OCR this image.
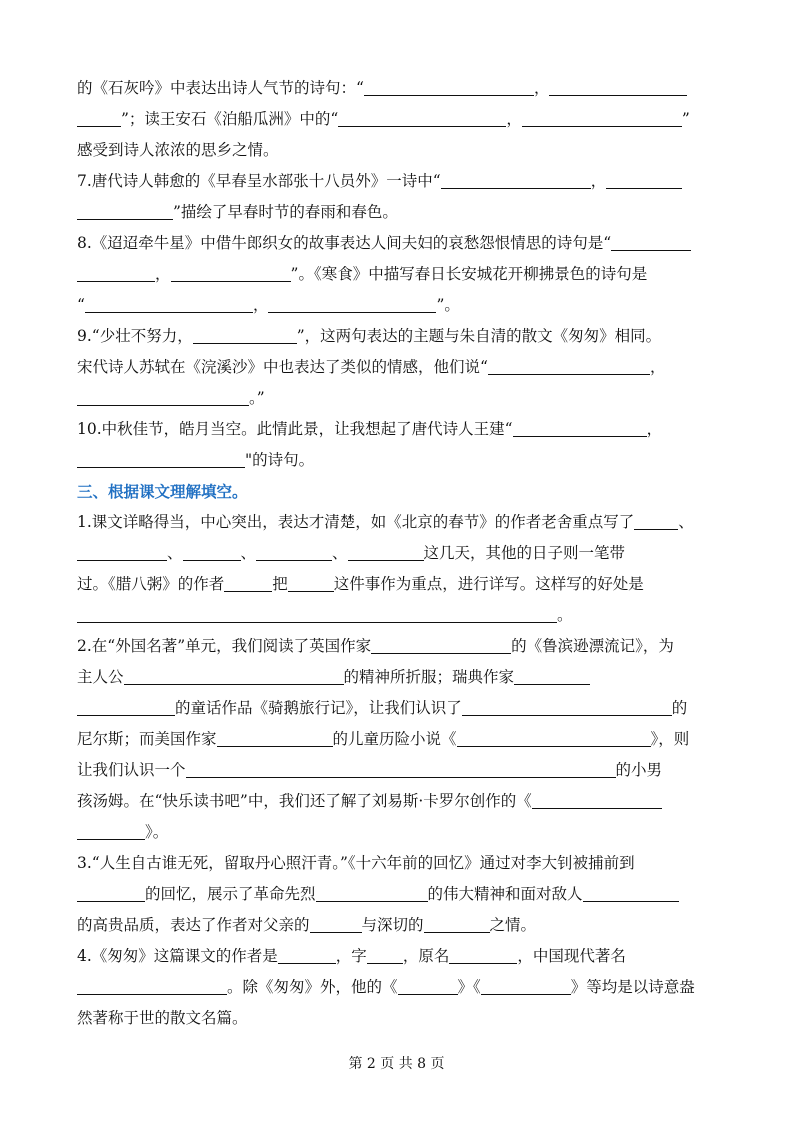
的《石灰吟》中表达出诗人气节的诗句：“	，

”；读王安石《泊船瓜洲》中的“	，	”

感受到诗人浓浓的思乡之情。

7.唐代诗人韩愈的《早春呈水部张十八员外》一诗中“	，

”描绘了早春时节的春雨和春色。

8.《迢迢牵牛星》中借牛郎织女的故事表达人间夫妇的哀愁怨恨情思的诗句是“

，	”。《寒食》中描写春日长安城花开柳拂景色的诗句是

“	，	”。

9.“少壮不努力，	”，这两句表达的主题与朱自清的散文《匆匆》相同。

宋代诗人苏轼在《浣溪沙》中也表达了类似的情感，他们说“	，

。”

10.中秋佳节，皓月当空。此情此景，让我想起了唐代诗人王建“	，

"的诗句。

三、根据课文理解填空。

1.课文详略得当，中心突出，表达才清楚，如《北京的春节》的作者老舍重点写了	、

、	、	、	这几天，其他的日子则一笔带

过。《腊八粥》的作者	把	这件事作为重点，进行详写。这样写的好处是

。

2.在“外国名著”单元，我们阅读了英国作家	的《鲁滨逊漂流记》，为

主人公	的精神所折服；瑞典作家

的童话作品《骑鹅旅行记》，让我们认识了	的

尼尔斯；而美国作家	的儿童历险小说《	》，则

让我们认识一个	的小男

孩汤姆。在“快乐读书吧”中，我们还了解了刘易斯·卡罗尔创作的《

》。

3.“人生自古谁无死，留取丹心照汗青。”《十六年前的回忆》通过对李大钊被捕前到

的回忆，展示了革命先烈	的伟大精神和面对敌人

的高贵品质，表达了作者对父亲的	与深切的	之情。

4.《匆匆》这篇课文的作者是	，字 ，原名	，中国现代著名

。除《匆匆》外，他的《	》《	》等均是以诗意盎

然著称于世的散文名篇。

第 2 页 共 8 页
